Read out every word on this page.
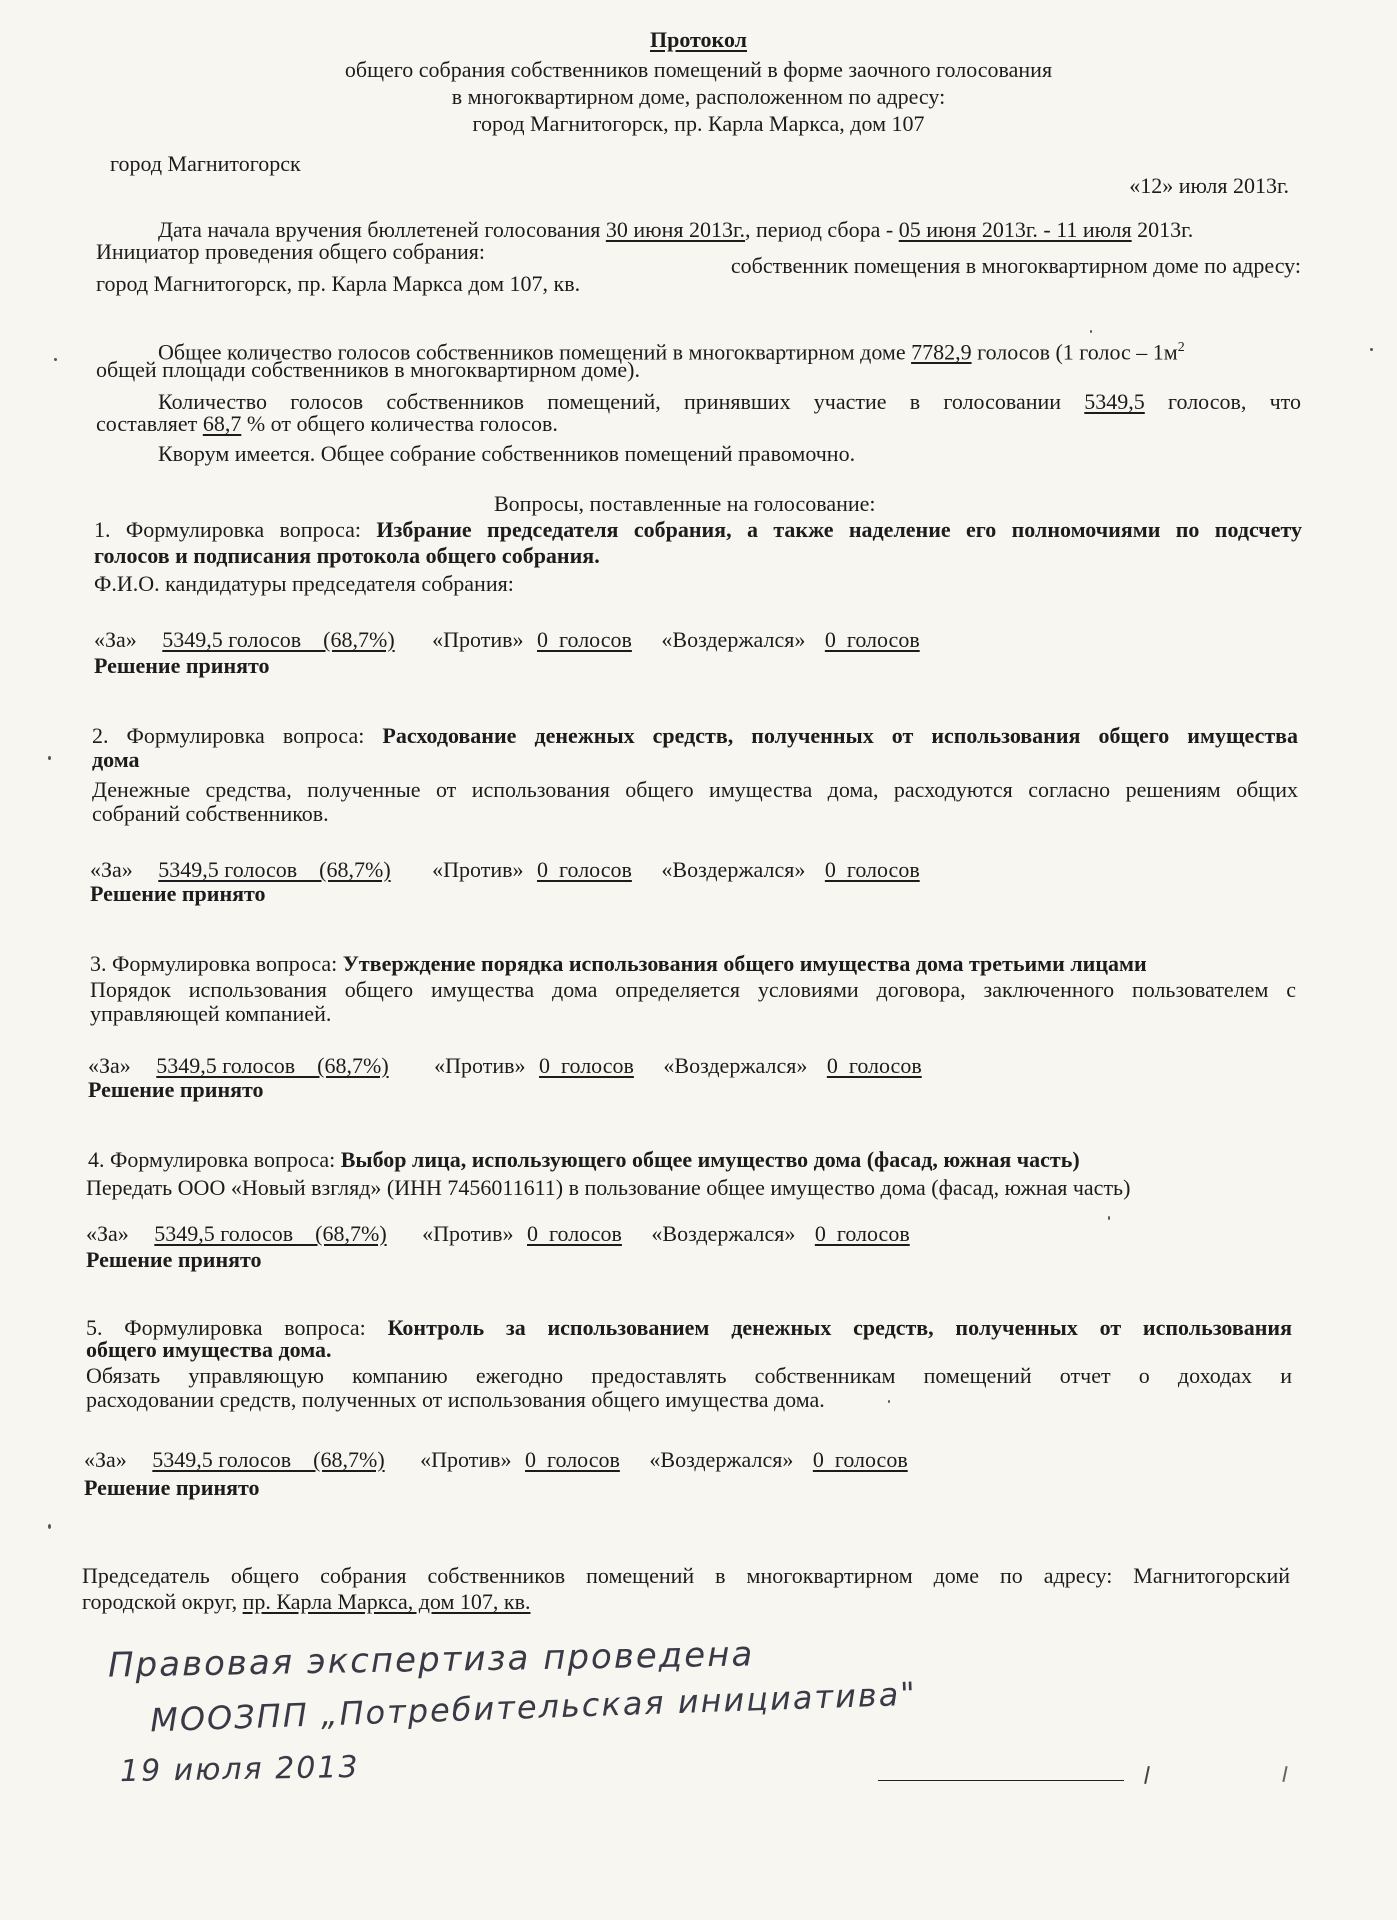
Протокол
общего собрания собственников помещений в форме заочного голосования
в многоквартирном доме, расположенном по адресу:
город Магнитогорск, пр. Карла Маркса, дом 107
город Магнитогорск
«12» июля 2013г.
Дата начала вручения бюллетеней голосования 30 июня 2013г., период сбора - 05 июня 2013г. - 11 июля 2013г.
Инициатор проведения общего собрания:
собственник помещения в многоквартирном доме по адресу:
город Магнитогорск, пр. Карла Маркса дом 107, кв.
Общее количество голосов собственников помещений в многоквартирном доме 7782,9 голосов (1 голос – $1м^2$
общей площади собственников в многоквартирном доме).
Количество голосов собственников помещений, принявших участие в голосовании 5349,5 голосов, что
составляет 68,7 % от общего количества голосов.
Кворум имеется. Общее собрание собственников помещений правомочно.
Вопросы, поставленные на голосование:
1. Формулировка вопроса: Избрание председателя собрания, а также наделение его полномочиями по подсчету
голосов и подписания протокола общего собрания.
Ф.И.О. кандидатуры председателя собрания:
«За» 5349,5 голосов    (68,7%) «Против» 0  голосов «Воздержался» 0  голосов
Решение принято
2. Формулировка вопроса: Расходование денежных средств, полученных от использования общего имущества
дома
Денежные средства, полученные от использования общего имущества дома, расходуются согласно решениям общих
собраний собственников.
«За» 5349,5 голосов    (68,7%) «Против» 0  голосов «Воздержался» 0  голосов
Решение принято
3. Формулировка вопроса: Утверждение порядка использования общего имущества дома третьими лицами
Порядок использования общего имущества дома определяется условиями договора, заключенного пользователем с
управляющей компанией.
«За» 5349,5 голосов    (68,7%) «Против» 0  голосов «Воздержался» 0  голосов
Решение принято
4. Формулировка вопроса: Выбор лица, использующего общее имущество дома (фасад, южная часть)
Передать ООО «Новый взгляд» (ИНН 7456011611) в пользование общее имущество дома (фасад, южная часть)
«За» 5349,5 голосов    (68,7%) «Против» 0  голосов «Воздержался» 0  голосов
Решение принято
5. Формулировка вопроса: Контроль за использованием денежных средств, полученных от использования
общего имущества дома.
Обязать управляющую компанию ежегодно предоставлять собственникам помещений отчет о доходах и
расходовании средств, полученных от использования общего имущества дома.
«За» 5349,5 голосов    (68,7%) «Против» 0  голосов «Воздержался» 0  голосов
Решение принято
Председатель общего собрания собственников помещений в многоквартирном доме по адресу: Магнитогорский
городской округ, пр. Карла Маркса, дом 107, кв.
Правовая экспертиза проведена
МООЗПП „Потребительская инициатива"
19 июля 2013
